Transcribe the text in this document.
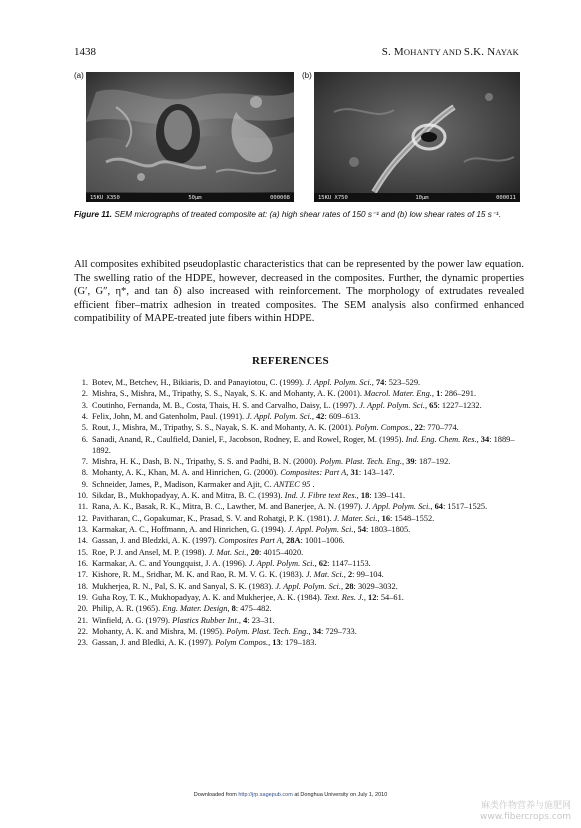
1438	S. MOHANTY AND S.K. NAYAK
(a)	(b)
15KU X350	50µm	000008	15KU X750	10µm	000011
Figure 11. SEM micrographs of treated composite at: (a) high shear rates of 150 s⁻¹ and (b) low shear rates of 15 s⁻¹.

All composites exhibited pseudoplastic characteristics that can be represented by the power law equation. The swelling ratio of the HDPE, however, decreased in the composites. Further, the dynamic properties (G′, G″, η*, and tan δ) also increased with reinforcement. The morphology of extrudates revealed efficient fiber–matrix adhesion in treated composites. The SEM analysis also confirmed enhanced compatibility of MAPE-treated jute fibers within HDPE.

REFERENCES
1. Botev, M., Betchev, H., Bikiaris, D. and Panayiotou, C. (1999). J. Appl. Polym. Sci., 74: 523–529.
2. Mishra, S., Mishra, M., Tripathy, S. S., Nayak, S. K. and Mohanty, A. K. (2001). Macrol. Mater. Eng., 1: 286–291.
3. Coutinho, Fernanda, M. B., Costa, Thais, H. S. and Carvalho, Daisy, L. (1997). J. Appl. Polym. Sci., 65: 1227–1232.
4. Felix, John, M. and Gatenholm, Paul. (1991). J. Appl. Polym. Sci., 42: 609–613.
5. Rout, J., Mishra, M., Tripathy, S. S., Nayak, S. K. and Mohanty, A. K. (2001). Polym. Compos., 22: 770–774.
6. Sanadi, Anand, R., Caulfield, Daniel, F., Jacobson, Rodney, E. and Rowel, Roger, M. (1995). Ind. Eng. Chem. Res., 34: 1889–1892.
7. Mishra, H. K., Dash, B. N., Tripathy, S. S. and Padhi, B. N. (2000). Polym. Plast. Tech. Eng., 39: 187–192.
8. Mohanty, A. K., Khan, M. A. and Hinrichen, G. (2000). Composites: Part A, 31: 143–147.
9. Schneider, James, P., Madison, Karmaker and Ajit, C. ANTEC 95 .
10. Sikdar, B., Mukhopadyay, A. K. and Mitra, B. C. (1993). Ind. J. Fibre text Res., 18: 139–141.
11. Rana, A. K., Basak, R. K., Mitra, B. C., Lawther, M. and Banerjee, A. N. (1997). J. Appl. Polym. Sci., 64: 1517–1525.
12. Pavitharan, C., Gopakumar, K., Prasad, S. V. and Rohatgi, P. K. (1981). J. Mater. Sci., 16: 1548–1552.
13. Karmakar, A. C., Hoffmann, A. and Hinrichen, G. (1994). J. Appl. Polym. Sci., 54: 1803–1805.
14. Gassan, J. and Bledzki, A. K. (1997). Composites Part A, 28A: 1001–1006.
15. Roe, P. J. and Ansel, M. P. (1998). J. Mat. Sci., 20: 4015–4020.
16. Karmakar, A. C. and Youngquist, J. A. (1996). J. Appl. Polym. Sci., 62: 1147–1153.
17. Kishore, R. M., Sridhar, M. K. and Rao, R. M. V. G. K. (1983). J. Mat. Sci., 2: 99–104.
18. Mukherjea, R. N., Pal, S. K. and Sanyal, S. K. (1983). J. Appl. Polym. Sci., 28: 3029–3032.
19. Guha Roy, T. K., Mukhopadyay, A. K. and Mukherjee, A. K. (1984). Text. Res. J., 12: 54–61.
20. Philip, A. R. (1965). Eng. Mater. Design, 8: 475–482.
21. Winfield, A. G. (1979). Plastics Rubber Int., 4: 23–31.
22. Mohanty, A. K. and Mishra, M. (1995). Polym. Plast. Tech. Eng., 34: 729–733.
23. Gassan, J. and Bledki, A. K. (1997). Polym Compos., 13: 179–183.
Downloaded from http://jrp.sagepub.com at Donghua University on July 1, 2010
麻类作物营养与施肥网
www.fibercrops.com
